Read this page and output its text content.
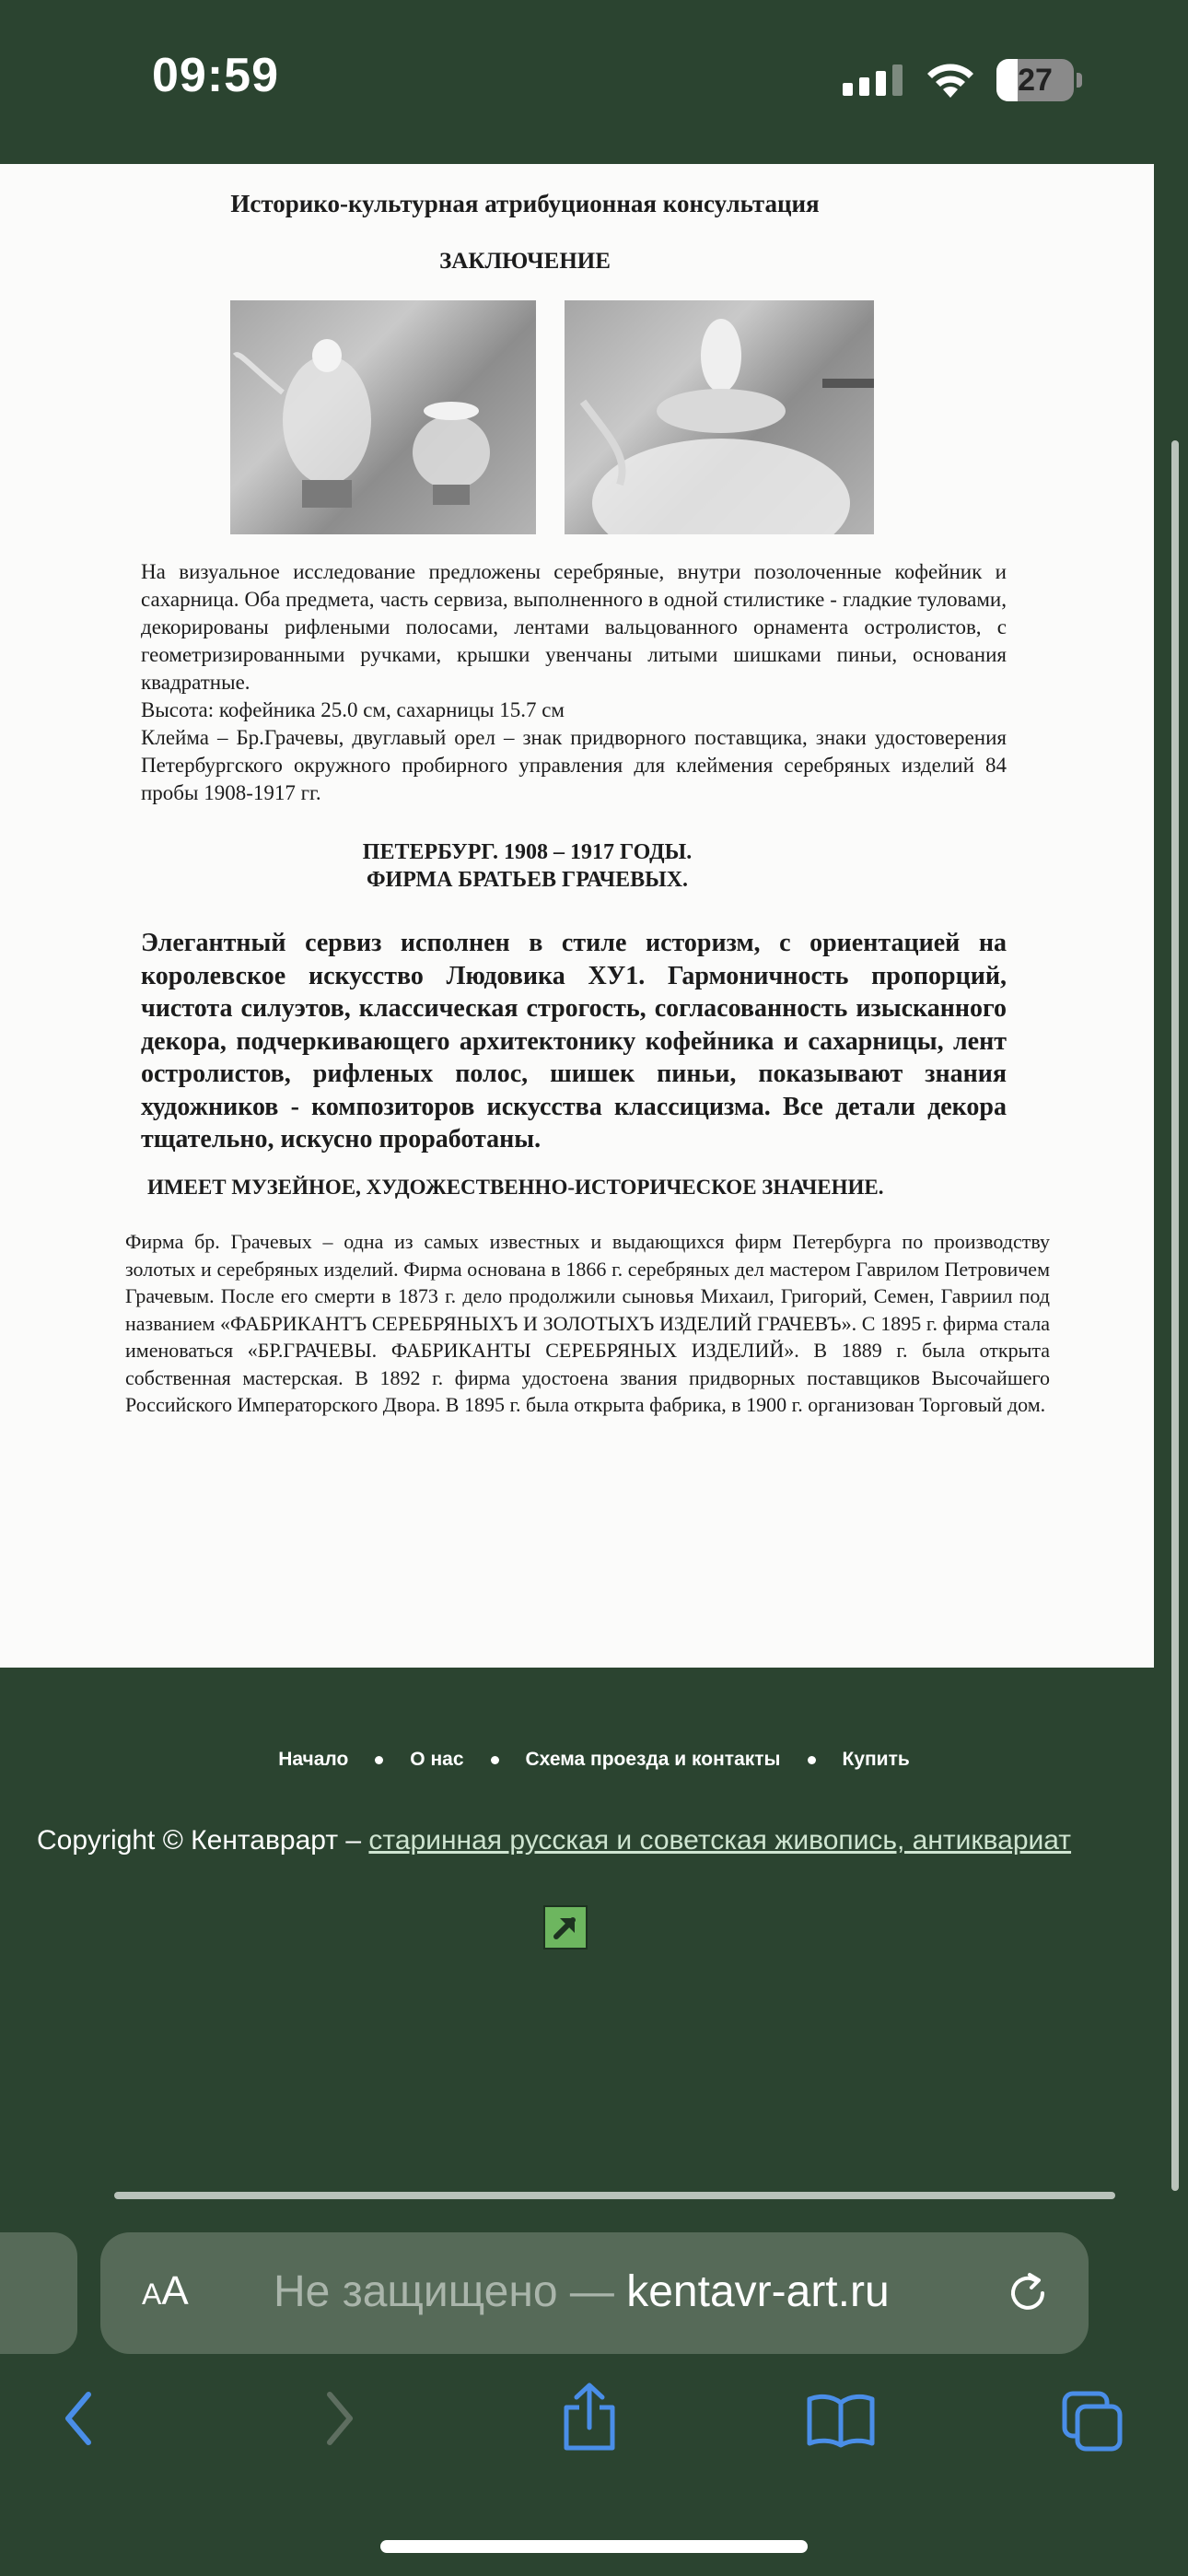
09:59	27
Историко-культурная атрибуционная консультация
ЗАКЛЮЧЕНИЕ
На визуальное исследование предложены серебряные, внутри позолоченные кофейник и сахарница. Оба предмета, часть сервиза, выполненного в одной стилистике - гладкие туловами, декорированы рифлеными полосами, лентами вальцованного орнамента остролистов, с геометризированными ручками, крышки увенчаны литыми шишками пиньи, основания квадратные.
Высота: кофейника 25.0 см, сахарницы 15.7 см
Клейма – Бр.Грачевы, двуглавый орел – знак придворного поставщика, знаки удостоверения Петербургского окружного пробирного управления для клеймения серебряных изделий 84 пробы 1908-1917 гг.
ПЕТЕРБУРГ. 1908 – 1917 ГОДЫ.
ФИРМА БРАТЬЕВ ГРАЧЕВЫХ.
Элегантный сервиз исполнен в стиле историзм, с ориентацией на королевское искусство Людовика ХУ1. Гармоничность пропорций, чистота силуэтов, классическая строгость, согласованность изысканного декора, подчеркивающего архитектонику кофейника и сахарницы, лент остролистов, рифленых полос, шишек пиньи, показывают знания художников - композиторов искусства классицизма. Все детали декора тщательно, искусно проработаны.
ИМЕЕТ МУЗЕЙНОЕ, ХУДОЖЕСТВЕННО-ИСТОРИЧЕСКОЕ ЗНАЧЕНИЕ.
Фирма бр. Грачевых – одна из самых известных и выдающихся фирм Петербурга по производству золотых и серебряных изделий. Фирма основана в 1866 г. серебряных дел мастером Гаврилом Петровичем Грачевым. После его смерти в 1873 г. дело продолжили сыновья Михаил, Григорий, Семен, Гавриил под названием «ФАБРИКАНТЪ СЕРЕБРЯНЫХЪ И ЗОЛОТЫХЪ ИЗДЕЛИЙ ГРАЧЕВЪ». С 1895 г. фирма стала именоваться «БР.ГРАЧЕВЫ. ФАБРИКАНТЫ СЕРЕБРЯНЫХ ИЗДЕЛИЙ». В 1889 г. была открыта собственная мастерская. В 1892 г. фирма удостоена звания придворных поставщиков Высочайшего Российского Императорского Двора. В 1895 г. была открыта фабрика, в 1900 г. организован Торговый дом.
Начало	О нас	Схема проезда и контакты	Купить
Copyright © Кентаврарт – старинная русская и советская живопись, антиквариат
AA Не защищено — kentavr-art.ru
